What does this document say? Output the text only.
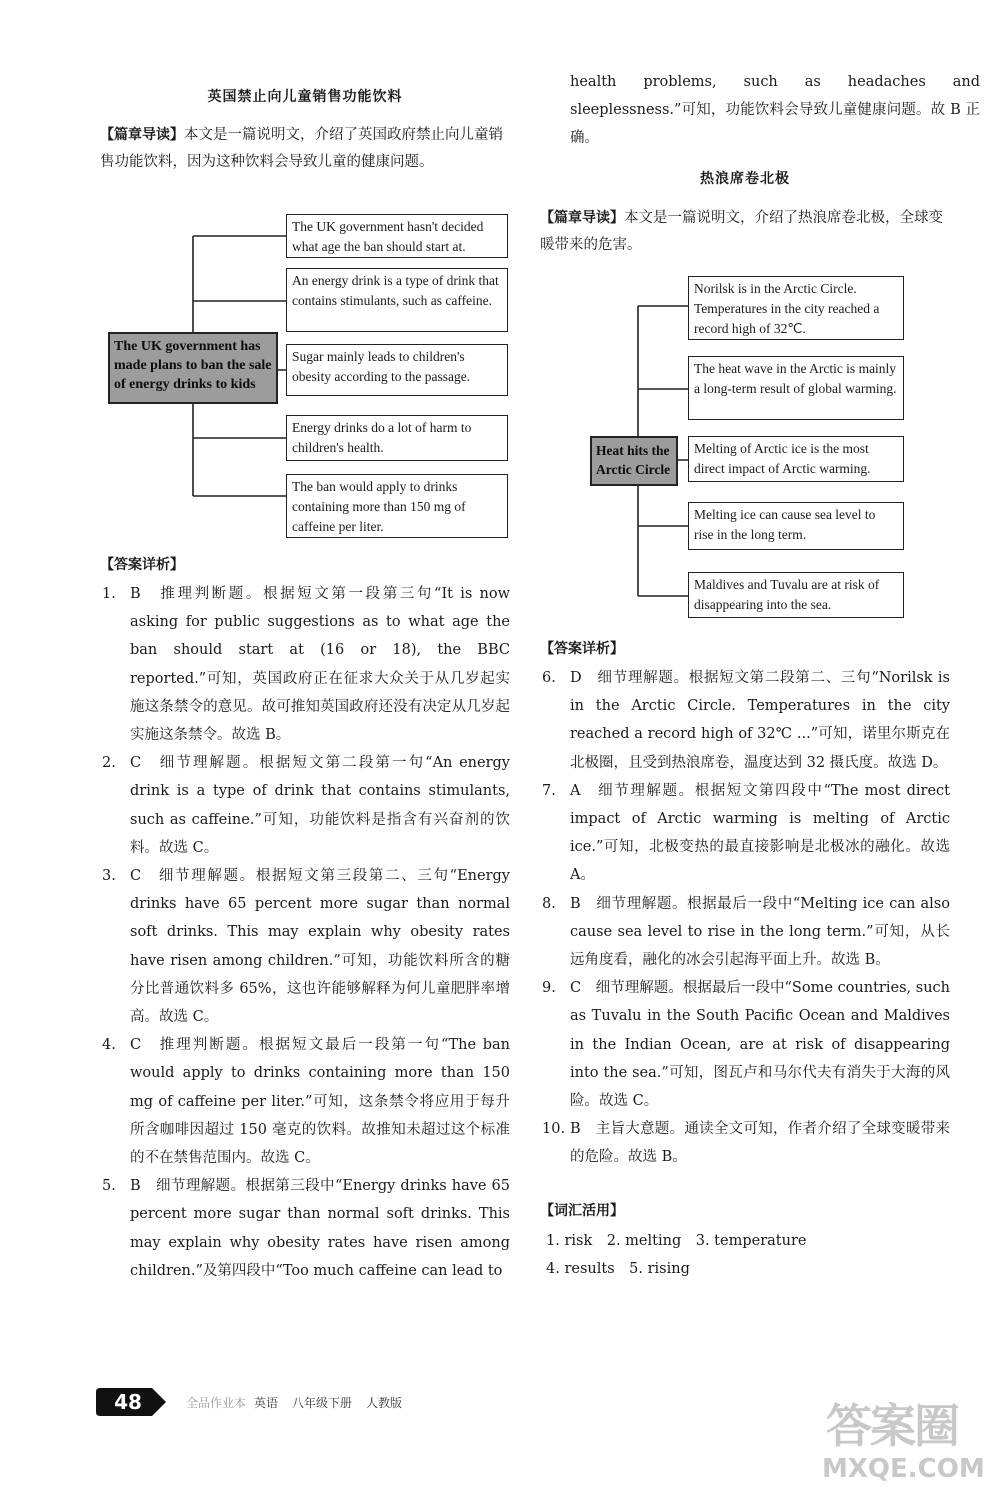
英国禁止向儿童销售功能饮料
【篇章导读】本文是一篇说明文，介绍了英国政府禁止向儿童销售功能饮料，因为这种饮料会导致儿童的健康问题。
The UK government has made plans to ban the sale of energy drinks to kids
The UK government hasn't decided what age the ban should start at.
An energy drink is a type of drink that contains stimulants, such as caffeine.
Sugar mainly leads to children's obesity according to the passage.
Energy drinks do a lot of harm to children's health.
The ban would apply to drinks containing more than 150 mg of caffeine per liter.
【答案详析】
1. B　推理判断题。根据短文第一段第三句“It is now asking for public suggestions as to what age the ban should start at (16 or 18), the BBC reported.”可知，英国政府正在征求大众关于从几岁起实施这条禁令的意见。故可推知英国政府还没有决定从几岁起实施这条禁令。故选 B。
2. C　细节理解题。根据短文第二段第一句“An energy drink is a type of drink that contains stimulants, such as caffeine.”可知，功能饮料是指含有兴奋剂的饮料。故选 C。
3. C　细节理解题。根据短文第三段第二、三句“Energy drinks have 65 percent more sugar than normal soft drinks. This may explain why obesity rates have risen among children.”可知，功能饮料所含的糖分比普通饮料多 65%，这也许能够解释为何儿童肥胖率增高。故选 C。
4. C　推理判断题。根据短文最后一段第一句“The ban would apply to drinks containing more than 150 mg of caffeine per liter.”可知，这条禁令将应用于每升所含咖啡因超过 150 毫克的饮料。故推知未超过这个标准的不在禁售范围内。故选 C。
5. B　细节理解题。根据第三段中“Energy drinks have 65 percent more sugar than normal soft drinks. This may explain why obesity rates have risen among children.”及第四段中“Too much caffeine can lead to
health problems, such as headaches and sleeplessness.”可知，功能饮料会导致儿童健康问题。故 B 正确。
热浪席卷北极
【篇章导读】本文是一篇说明文，介绍了热浪席卷北极，全球变暖带来的危害。
Heat hits the Arctic Circle
Norilsk is in the Arctic Circle. Temperatures in the city reached a record high of 32℃.
The heat wave in the Arctic is mainly a long-term result of global warming.
Melting of Arctic ice is the most direct impact of Arctic warming.
Melting ice can cause sea level to rise in the long term.
Maldives and Tuvalu are at risk of disappearing into the sea.
【答案详析】
6. D　细节理解题。根据短文第二段第二、三句“Norilsk is in the Arctic Circle. Temperatures in the city reached a record high of 32℃ ...”可知，诺里尔斯克在北极圈，且受到热浪席卷，温度达到 32 摄氏度。故选 D。
7. A　细节理解题。根据短文第四段中“The most direct impact of Arctic warming is melting of Arctic ice.”可知，北极变热的最直接影响是北极冰的融化。故选 A。
8. B　细节理解题。根据最后一段中“Melting ice can also cause sea level to rise in the long term.”可知，从长远角度看，融化的冰会引起海平面上升。故选 B。
9. C　细节理解题。根据最后一段中“Some countries, such as Tuvalu in the South Pacific Ocean and Maldives in the Indian Ocean, are at risk of disappearing into the sea.”可知，图瓦卢和马尔代夫有消失于大海的风险。故选 C。
10. B　主旨大意题。通读全文可知，作者介绍了全球变暖带来的危险。故选 B。
【词汇活用】
1. risk　2. melting　3. temperature
4. results　5. rising
48	全品作业本 英语 八年级下册 人教版	答案圈
MXQE.COM
